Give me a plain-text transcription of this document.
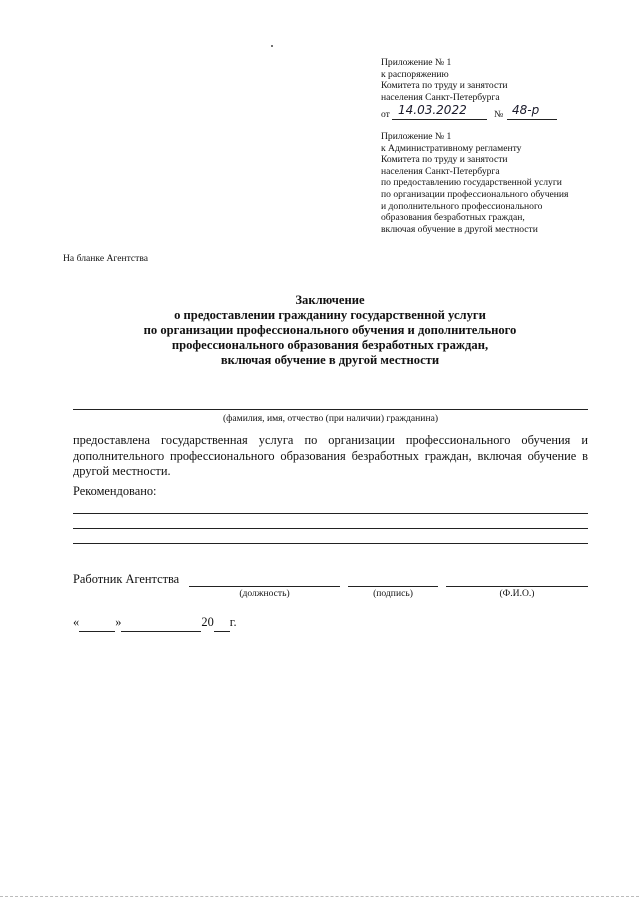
Приложение № 1
к распоряжению
Комитета по труду и занятости
населения Санкт-Петербурга
от 14.03.2022	№ 48-р
Приложение № 1
к Административному регламенту
Комитета по труду и занятости
населения Санкт-Петербурга
по предоставлению государственной услуги
по организации профессионального обучения
и дополнительного профессионального
образования безработных граждан,
включая обучение в другой местности
На бланке Агентства
Заключение
о предоставлении гражданину государственной услуги
по организации профессионального обучения и дополнительного
профессионального образования безработных граждан,
включая обучение в другой местности
(фамилия, имя, отчество (при наличии) гражданина)
предоставлена государственная услуга по организации профессионального обучения и дополнительного профессионального образования безработных граждан, включая обучение в другой местности.
Рекомендовано:
Работник Агентства
(должность)	(подпись)	(Ф.И.О.)
«	»	20 г.
